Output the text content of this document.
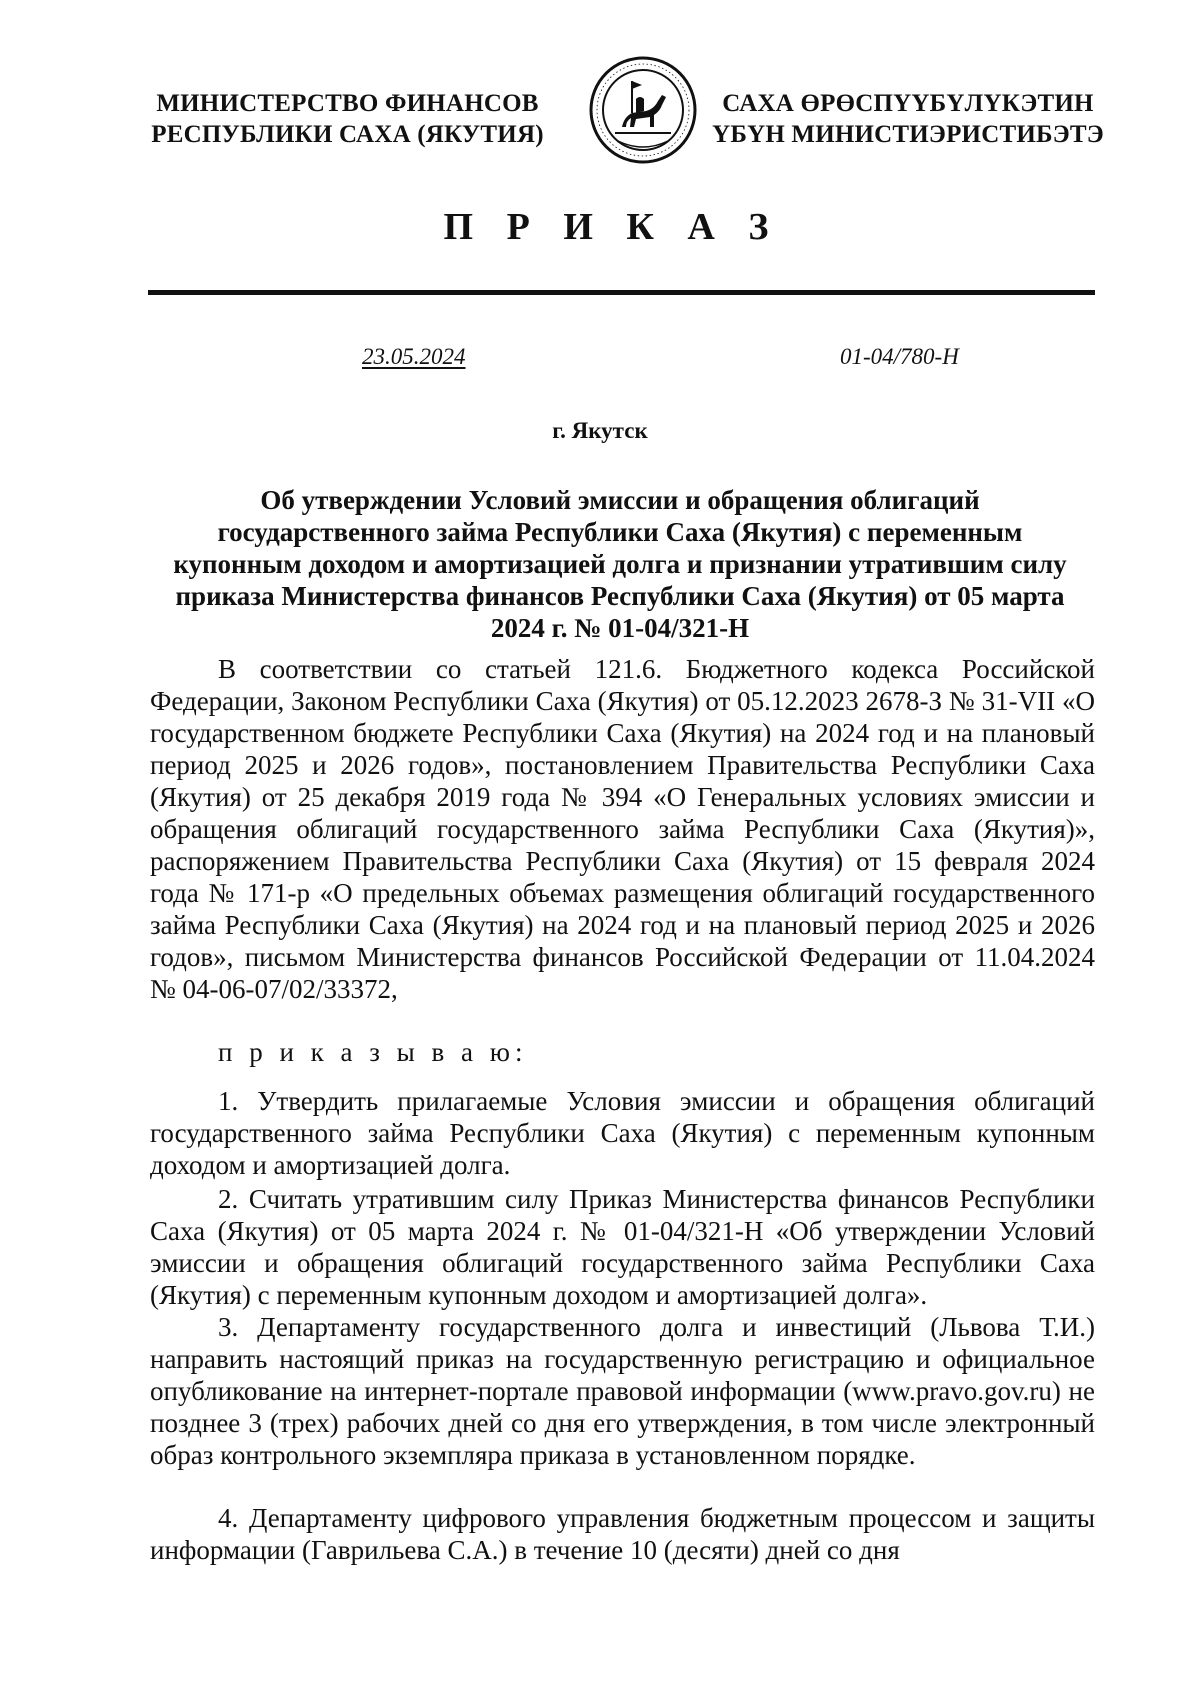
МИНИСТЕРСТВО ФИНАНСОВ
РЕСПУБЛИКИ САХА (ЯКУТИЯ)
САХА ӨРӨСПҮҮБҮЛҮКЭТИН
ҮБҮН МИНИСТИЭРИСТИБЭТЭ
П Р И К А З
23.05.2024	01-04/780-Н
г. Якутск
Об утверждении Условий эмиссии и обращения облигаций
государственного займа Республики Саха (Якутия) с переменным
купонным доходом и амортизацией долга и признании утратившим силу
приказа Министерства финансов Республики Саха (Якутия) от 05 марта
2024 г. № 01-04/321-Н

В соответствии со статьей 121.6. Бюджетного кодекса Российской Федерации, Законом Республики Саха (Якутия) от 05.12.2023 2678-З № 31-VII «О государственном бюджете Республики Саха (Якутия) на 2024 год и на плановый период 2025 и 2026 годов», постановлением Правительства Республики Саха (Якутия) от 25 декабря 2019 года № 394 «О Генеральных условиях эмиссии и обращения облигаций государственного займа Республики Саха (Якутия)», распоряжением Правительства Республики Саха (Якутия) от 15 февраля 2024 года № 171-р «О предельных объемах размещения облигаций государственного займа Республики Саха (Якутия) на 2024 год и на плановый период 2025 и 2026 годов», письмом Министерства финансов Российской Федерации от 11.04.2024 № 04-06-07/02/33372,

п р и к а з ы в а ю:

1. Утвердить прилагаемые Условия эмиссии и обращения облигаций государственного займа Республики Саха (Якутия) с переменным купонным доходом и амортизацией долга.

2. Считать утратившим силу Приказ Министерства финансов Республики Саха (Якутия) от 05 марта 2024 г. № 01-04/321-Н «Об утверждении Условий эмиссии и обращения облигаций государственного займа Республики Саха (Якутия) с переменным купонным доходом и амортизацией долга».

3. Департаменту государственного долга и инвестиций (Львова Т.И.) направить настоящий приказ на государственную регистрацию и официальное опубликование на интернет-портале правовой информации (www.pravo.gov.ru) не позднее 3 (трех) рабочих дней со дня его утверждения, в том числе электронный образ контрольного экземпляра приказа в установленном порядке.

4. Департаменту цифрового управления бюджетным процессом и защиты информации (Гаврильева С.А.) в течение 10 (десяти) дней со дня
